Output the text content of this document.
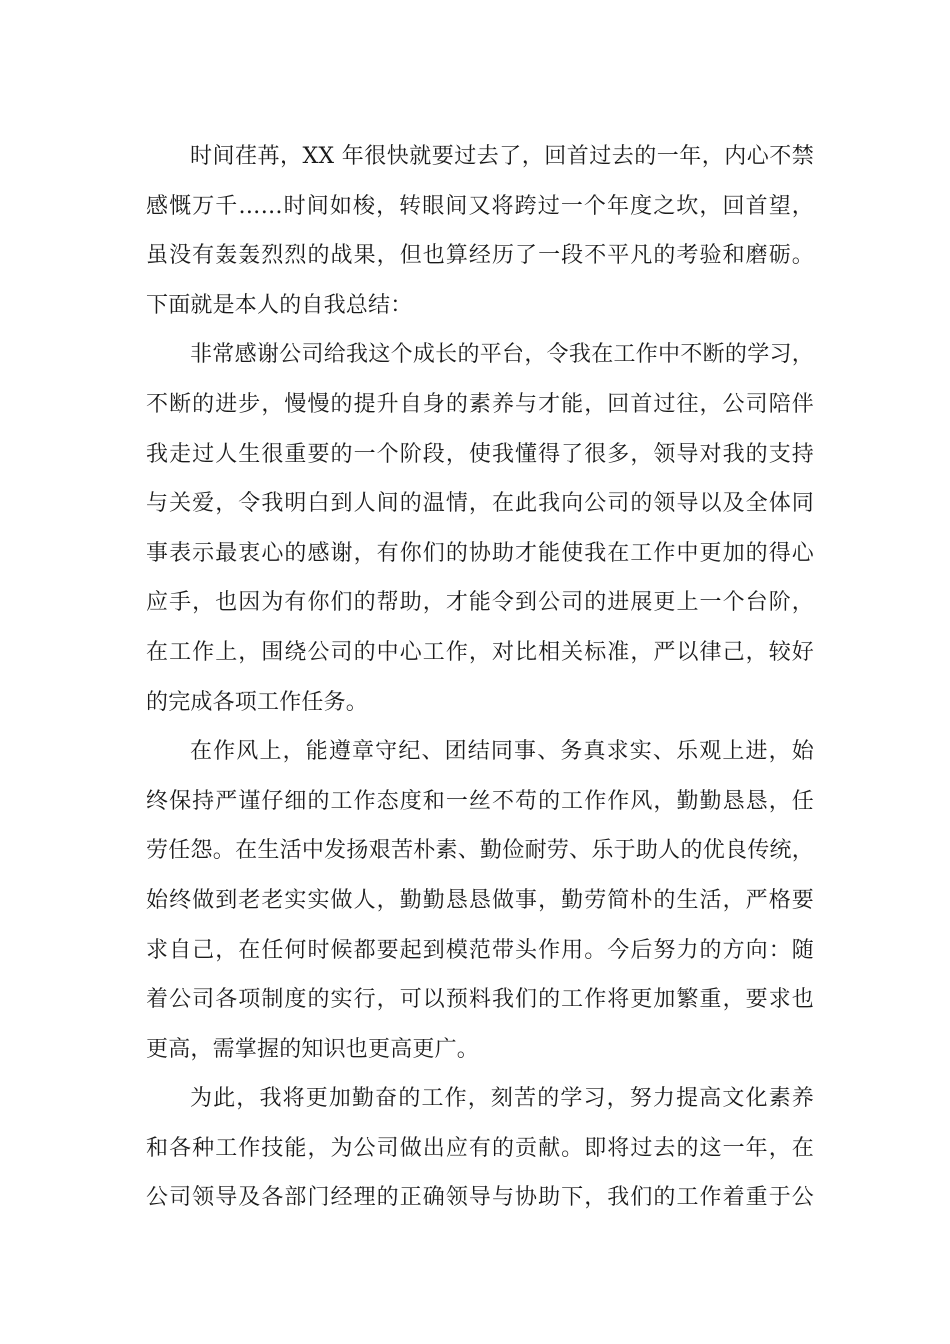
时间荏苒，XX 年很快就要过去了，回首过去的一年，内心不禁
感慨万千……时间如梭，转眼间又将跨过一个年度之坎，回首望，
虽没有轰轰烈烈的战果，但也算经历了一段不平凡的考验和磨砺。
下面就是本人的自我总结：
非常感谢公司给我这个成长的平台，令我在工作中不断的学习，
不断的进步，慢慢的提升自身的素养与才能，回首过往，公司陪伴
我走过人生很重要的一个阶段，使我懂得了很多，领导对我的支持
与关爱，令我明白到人间的温情，在此我向公司的领导以及全体同
事表示最衷心的感谢，有你们的协助才能使我在工作中更加的得心
应手，也因为有你们的帮助，才能令到公司的进展更上一个台阶，
在工作上，围绕公司的中心工作，对比相关标准，严以律己，较好
的完成各项工作任务。
在作风上，能遵章守纪、团结同事、务真求实、乐观上进，始
终保持严谨仔细的工作态度和一丝不苟的工作作风，勤勤恳恳，任
劳任怨。在生活中发扬艰苦朴素、勤俭耐劳、乐于助人的优良传统，
始终做到老老实实做人，勤勤恳恳做事，勤劳简朴的生活，严格要
求自己，在任何时候都要起到模范带头作用。今后努力的方向：随
着公司各项制度的实行，可以预料我们的工作将更加繁重，要求也
更高，需掌握的知识也更高更广。
为此，我将更加勤奋的工作，刻苦的学习，努力提高文化素养
和各种工作技能，为公司做出应有的贡献。即将过去的这一年，在
公司领导及各部门经理的正确领导与协助下，我们的工作着重于公
